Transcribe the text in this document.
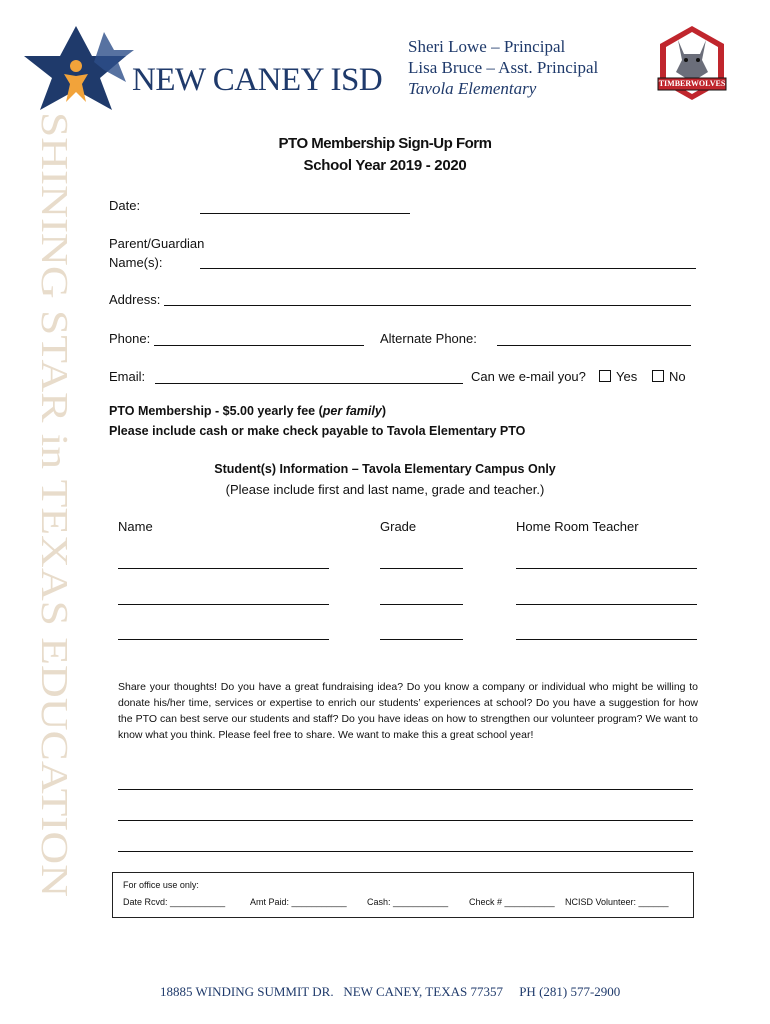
SHINING STAR in TEXAS EDUCATION
NEW CANEY ISD
Sheri Lowe – Principal
Lisa Bruce – Asst. Principal
Tavola Elementary	TIMBERWOLVES
PTO Membership Sign-Up Form
School Year 2019 - 2020
Date:
Parent/Guardian
Name(s):
Address:
Phone:	Alternate Phone:
Email:	Can we e-mail you?	Yes	No
PTO Membership - $5.00 yearly fee (per family)
Please include cash or make check payable to Tavola Elementary PTO
Student(s) Information – Tavola Elementary Campus Only
(Please include first and last name, grade and teacher.)
Name	Grade	Home Room Teacher
Share your thoughts! Do you have a great fundraising idea? Do you know a company or individual who might be willing to donate his/her time, services or expertise to enrich our students’ experiences at school? Do you have a suggestion for how the PTO can best serve our students and staff? Do you have ideas on how to strengthen our volunteer program? We want to know what you think. Please feel free to share. We want to make this a great school year!
For office use only:
Date Rcvd: ___________	Amt Paid: ___________ Cash: ___________ Check # __________ NCISD Volunteer: ______
18885 WINDING SUMMIT DR.   NEW CANEY, TEXAS 77357     PH (281) 577-2900
